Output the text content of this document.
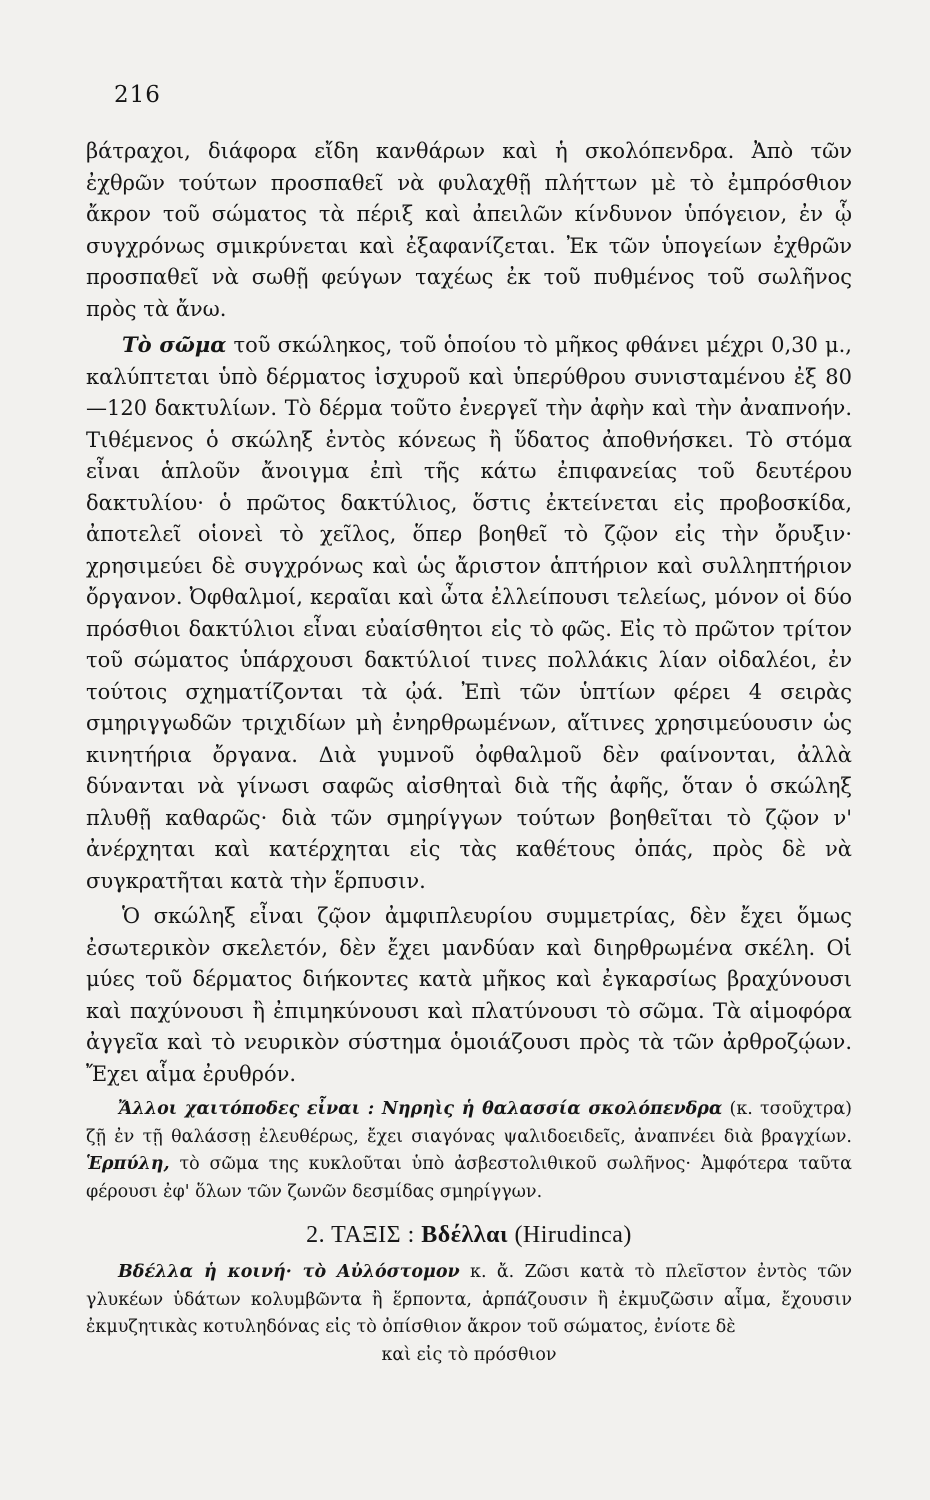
216

βάτραχοι, διάφορα εἴδη κανθάρων καὶ ἡ σκολόπενδρα. Ἀπὸ τῶν ἐχθρῶν τούτων προσπαθεῖ νὰ φυλαχθῇ πλήττων μὲ τὸ ἐμπρόσθιον ἄκρον τοῦ σώματος τὰ πέριξ καὶ ἀπειλῶν κίνδυνον ὑπόγειον, ἐν ᾧ συγχρόνως σμικρύνεται καὶ ἐξαφανίζεται. Ἐκ τῶν ὑπογείων ἐχθρῶν προσπαθεῖ νὰ σωθῇ φεύγων ταχέως ἐκ τοῦ πυθμένος τοῦ σωλῆνος πρὸς τὰ ἄνω.

Τὸ σῶμα τοῦ σκώληκος, τοῦ ὁποίου τὸ μῆκος φθάνει μέχρι 0,30 μ., καλύπτεται ὑπὸ δέρματος ἰσχυροῦ καὶ ὑπερύθρου συνισταμένου ἐξ 80—120 δακτυλίων. Τὸ δέρμα τοῦτο ἐνεργεῖ τὴν ἀφὴν καὶ τὴν ἀναπνοήν. Τιθέμενος ὁ σκώληξ ἐντὸς κόνεως ἢ ὕδατος ἀποθνήσκει. Τὸ στόμα εἶναι ἁπλοῦν ἄνοιγμα ἐπὶ τῆς κάτω ἐπιφανείας τοῦ δευτέρου δακτυλίου· ὁ πρῶτος δακτύλιος, ὅστις ἐκτείνεται εἰς προβοσκίδα, ἀποτελεῖ οἱονεὶ τὸ χεῖλος, ὅπερ βοηθεῖ τὸ ζῷον εἰς τὴν ὄρυξιν· χρησιμεύει δὲ συγχρόνως καὶ ὡς ἄριστον ἁπτήριον καὶ συλληπτήριον ὄργανον. Ὀφθαλμοί, κεραῖαι καὶ ὦτα ἐλλείπουσι τελείως, μόνον οἱ δύο πρόσθιοι δακτύλιοι εἶναι εὐαίσθητοι εἰς τὸ φῶς. Εἰς τὸ πρῶτον τρίτον τοῦ σώματος ὑπάρχουσι δακτύλιοί τινες πολλάκις λίαν οἰδαλέοι, ἐν τούτοις σχηματίζονται τὰ ᾠά. Ἐπὶ τῶν ὑπτίων φέρει 4 σειρὰς σμηριγγωδῶν τριχιδίων μὴ ἐνηρθρωμένων, αἵτινες χρησιμεύουσιν ὡς κινητήρια ὄργανα. Διὰ γυμνοῦ ὀφθαλμοῦ δὲν φαίνονται, ἀλλὰ δύνανται νὰ γίνωσι σαφῶς αἰσθηταὶ διὰ τῆς ἀφῆς, ὅταν ὁ σκώληξ πλυθῇ καθαρῶς· διὰ τῶν σμηρίγγων τούτων βοηθεῖται τὸ ζῷον ν' ἀνέρχηται καὶ κατέρχηται εἰς τὰς καθέτους ὀπάς, πρὸς δὲ νὰ συγκρατῆται κατὰ τὴν ἕρπυσιν.

Ὁ σκώληξ εἶναι ζῷον ἀμφιπλευρίου συμμετρίας, δὲν ἔχει ὅμως ἐσωτερικὸν σκελετόν, δὲν ἔχει μανδύαν καὶ διηρθρωμένα σκέλη. Οἱ μύες τοῦ δέρματος διήκοντες κατὰ μῆκος καὶ ἐγκαρσίως βραχύνουσι καὶ παχύνουσι ἢ ἐπιμηκύνουσι καὶ πλατύνουσι τὸ σῶμα. Τὰ αἱμοφόρα ἀγγεῖα καὶ τὸ νευρικὸν σύστημα ὁμοιάζουσι πρὸς τὰ τῶν ἀρθροζῴων. Ἔχει αἷμα ἐρυθρόν.

Ἄλλοι χαιτόποδες εἶναι : Νηρηὶς ἡ θαλασσία σκολόπενδρα (κ. τσοῦχτρα) ζῇ ἐν τῇ θαλάσσῃ ἐλευθέρως, ἔχει σιαγόνας ψαλιδοειδεῖς, ἀναπνέει διὰ βραγχίων. Ἑρπύλη, τὸ σῶμα της κυκλοῦται ὑπὸ ἀσβεστολιθικοῦ σωλῆνος· Ἀμφότερα ταῦτα φέρουσι ἐφ' ὅλων τῶν ζωνῶν δεσμίδας σμηρίγγων.

2. ΤΑΞΙΣ : Βδέλλαι (Hirudinca)

Βδέλλα ἡ κοινή· τὸ Αὐλόστομον κ. ἄ. Ζῶσι κατὰ τὸ πλεῖστον ἐντὸς τῶν γλυκέων ὑδάτων κολυμβῶντα ἢ ἕρποντα, ἁρπάζουσιν ἢ ἐκμυζῶσιν αἷμα, ἔχουσιν ἐκμυζητικὰς κοτυληδόνας εἰς τὸ ὀπίσθιον ἄκρον τοῦ σώματος, ἐνίοτε δὲ

καὶ εἰς τὸ πρόσθιον
